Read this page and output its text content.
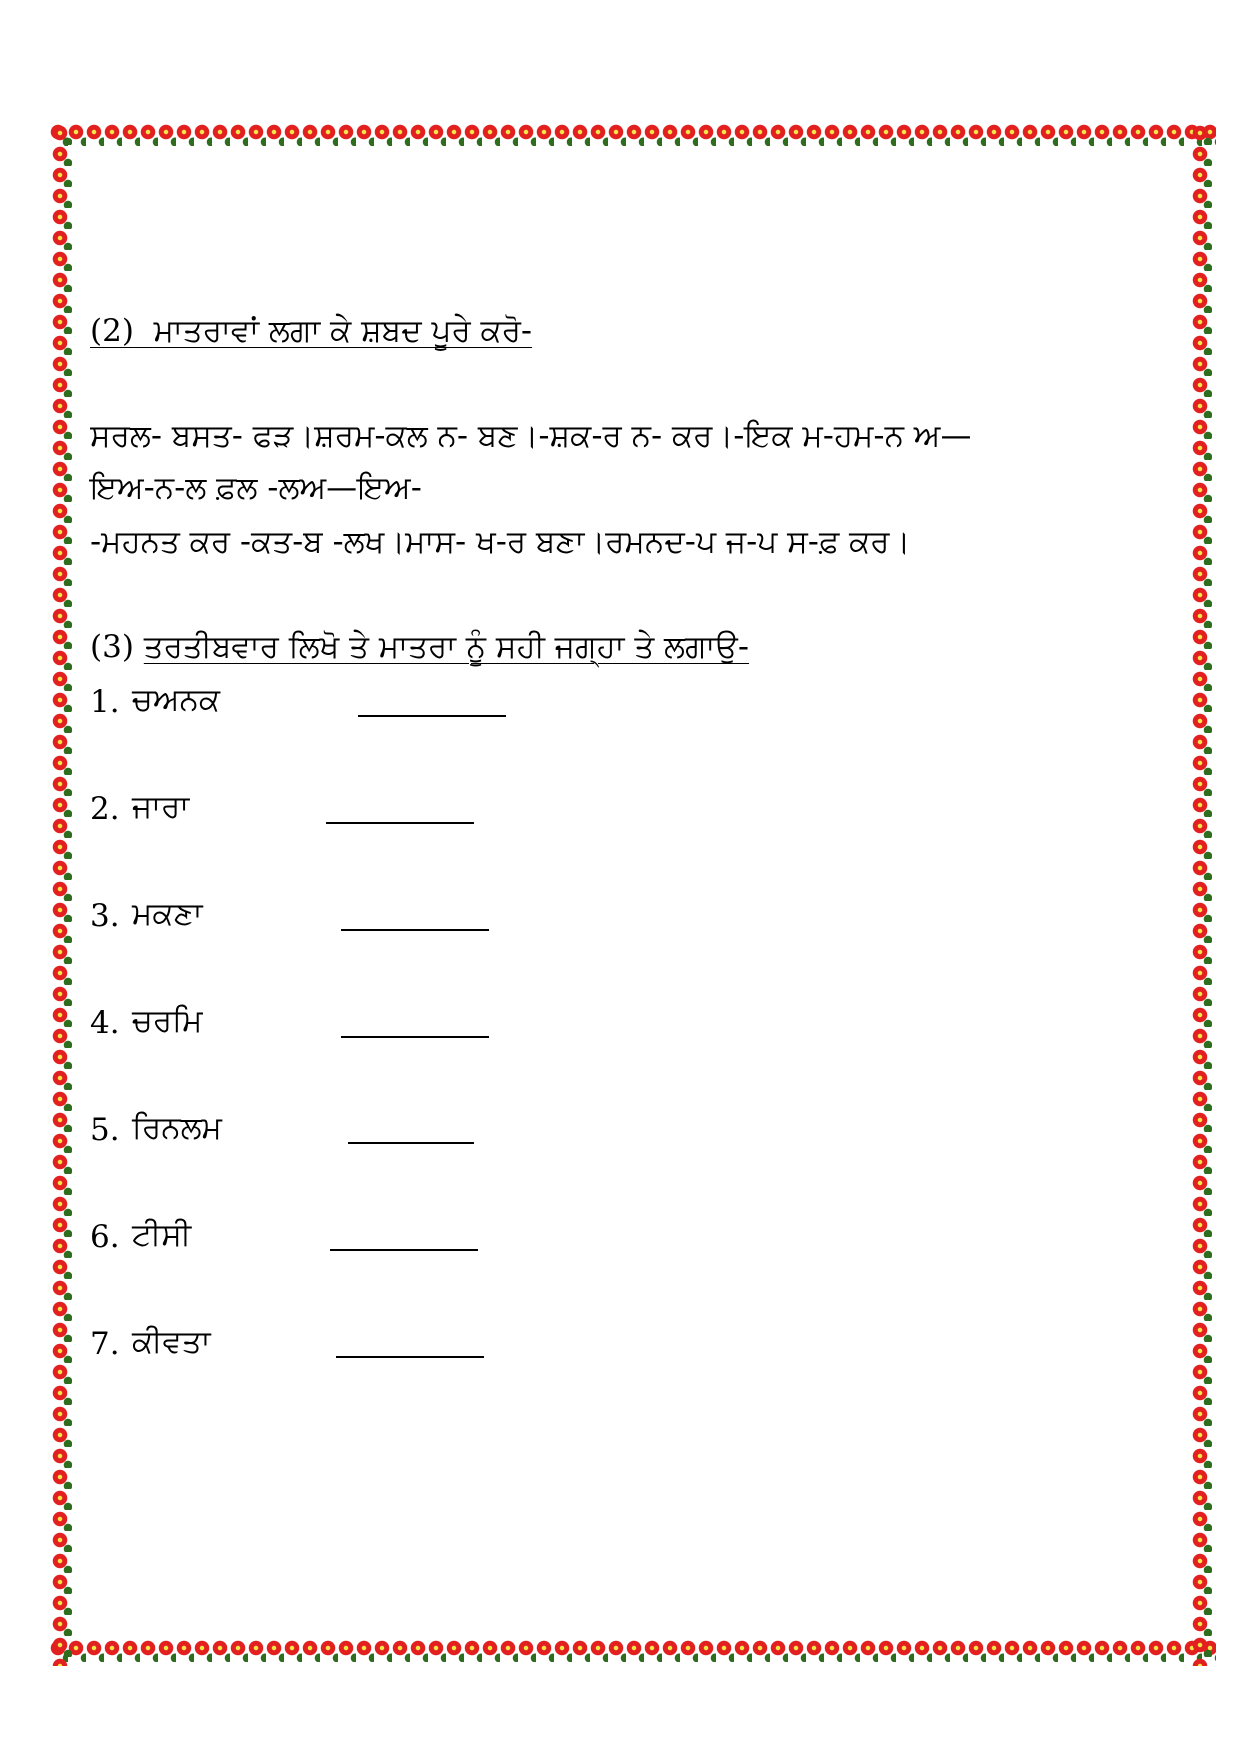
(2) ਮਾਤਰਾਵਾਂ ਲਗਾ ਕੇ ਸ਼ਬਦ ਪੂਰੇ ਕਰੋ-
ਸਰਲ- ਬਸਤ- ਫੜ।ਸ਼ਰਮ-ਕਲ ਨ- ਬਣ।-ਸ਼ਕ-ਰ ਨ- ਕਰ।-ਇਕ ਮ-ਹਮ-ਨ ਅ—
ਇਅ-ਨ-ਲ ਫ਼ਲ -ਲਅ—ਇਅ-
-ਮਹਨਤ ਕਰ -ਕਤ-ਬ -ਲਖ।ਮਾਸ- ਖ-ਰ ਬਣਾ।ਰਮਨਦ-ਪ ਜ-ਪ ਸ-ਫ਼ ਕਰ।
(3) ਤਰਤੀਬਵਾਰ ਲਿਖੋ ਤੇ ਮਾਤਰਾ ਨੂੰ ਸਹੀ ਜਗ੍ਹਾ ਤੇ ਲਗਾਉ-
1. ਚਅਨਕ
2. ਜਾਰਾ
3. ਮਕਣਾ
4. ਚਰਮਿ
5. ਰਿਨਲਮ
6. ਟੀਸੀ
7. ਕੀਵਤਾ
